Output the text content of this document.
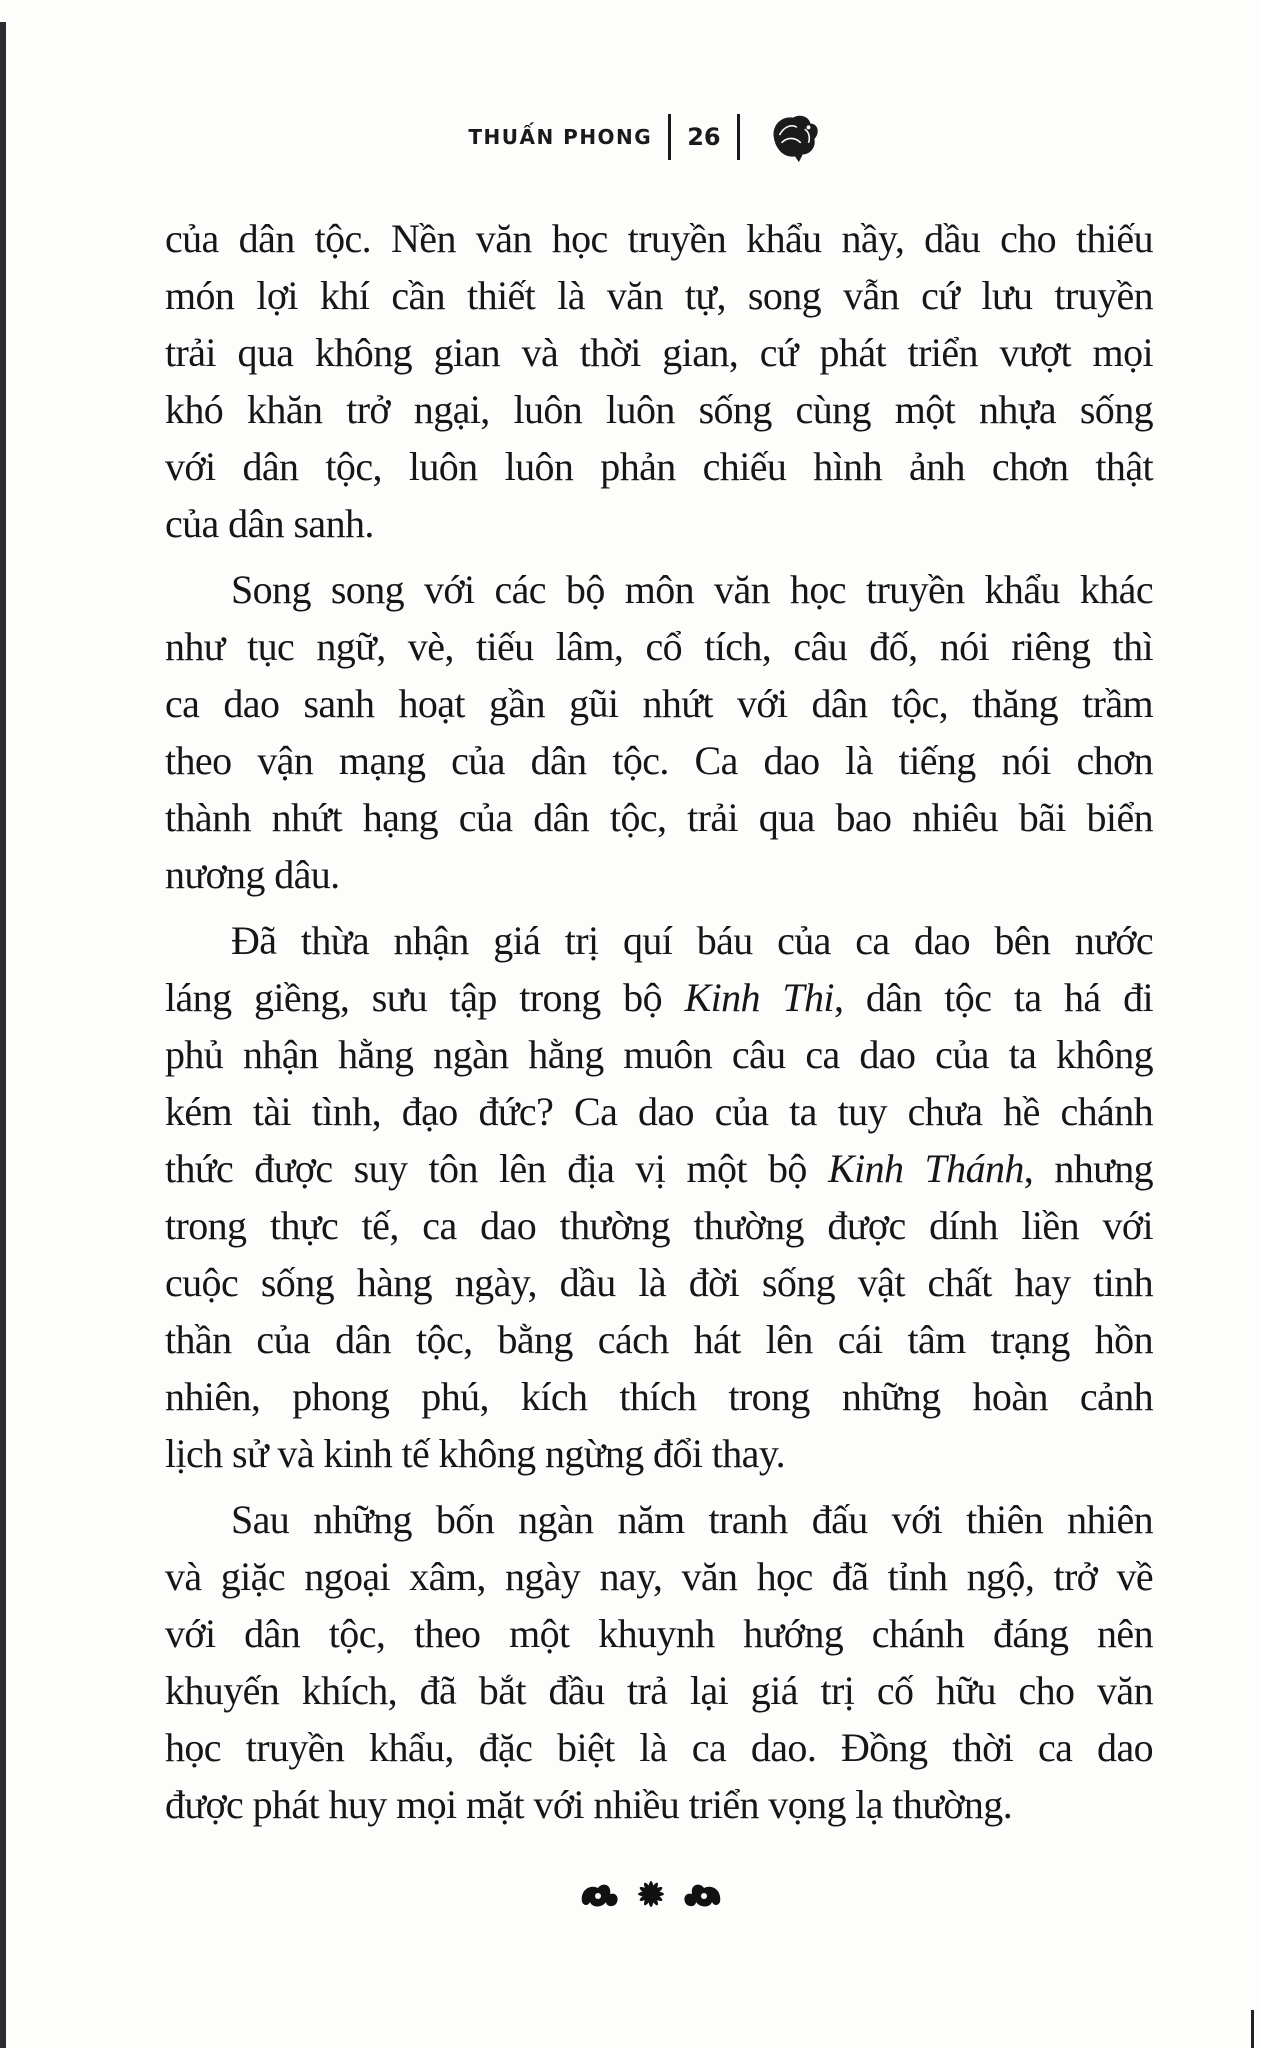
THUẤN PHONG 26

của dân tộc. Nền văn học truyền khẩu nầy, dầu cho thiếu
món lợi khí cần thiết là văn tự, song vẫn cứ lưu truyền
trải qua không gian và thời gian, cứ phát triển vượt mọi
khó khăn trở ngại, luôn luôn sống cùng một nhựa sống
với dân tộc, luôn luôn phản chiếu hình ảnh chơn thật
của dân sanh.

Song song với các bộ môn văn học truyền khẩu khác
như tục ngữ, vè, tiếu lâm, cổ tích, câu đố, nói riêng thì
ca dao sanh hoạt gần gũi nhứt với dân tộc, thăng trầm
theo vận mạng của dân tộc. Ca dao là tiếng nói chơn
thành nhứt hạng của dân tộc, trải qua bao nhiêu bãi biển
nương dâu.

Đã thừa nhận giá trị quí báu của ca dao bên nước
láng giềng, sưu tập trong bộ Kinh Thi, dân tộc ta há đi
phủ nhận hằng ngàn hằng muôn câu ca dao của ta không
kém tài tình, đạo đức? Ca dao của ta tuy chưa hề chánh
thức được suy tôn lên địa vị một bộ Kinh Thánh, nhưng
trong thực tế, ca dao thường thường được dính liền với
cuộc sống hàng ngày, dầu là đời sống vật chất hay tinh
thần của dân tộc, bằng cách hát lên cái tâm trạng hồn
nhiên, phong phú, kích thích trong những hoàn cảnh
lịch sử và kinh tế không ngừng đổi thay.

Sau những bốn ngàn năm tranh đấu với thiên nhiên
và giặc ngoại xâm, ngày nay, văn học đã tỉnh ngộ, trở về
với dân tộc, theo một khuynh hướng chánh đáng nên
khuyến khích, đã bắt đầu trả lại giá trị cố hữu cho văn
học truyền khẩu, đặc biệt là ca dao. Đồng thời ca dao
được phát huy mọi mặt với nhiều triển vọng lạ thường.
